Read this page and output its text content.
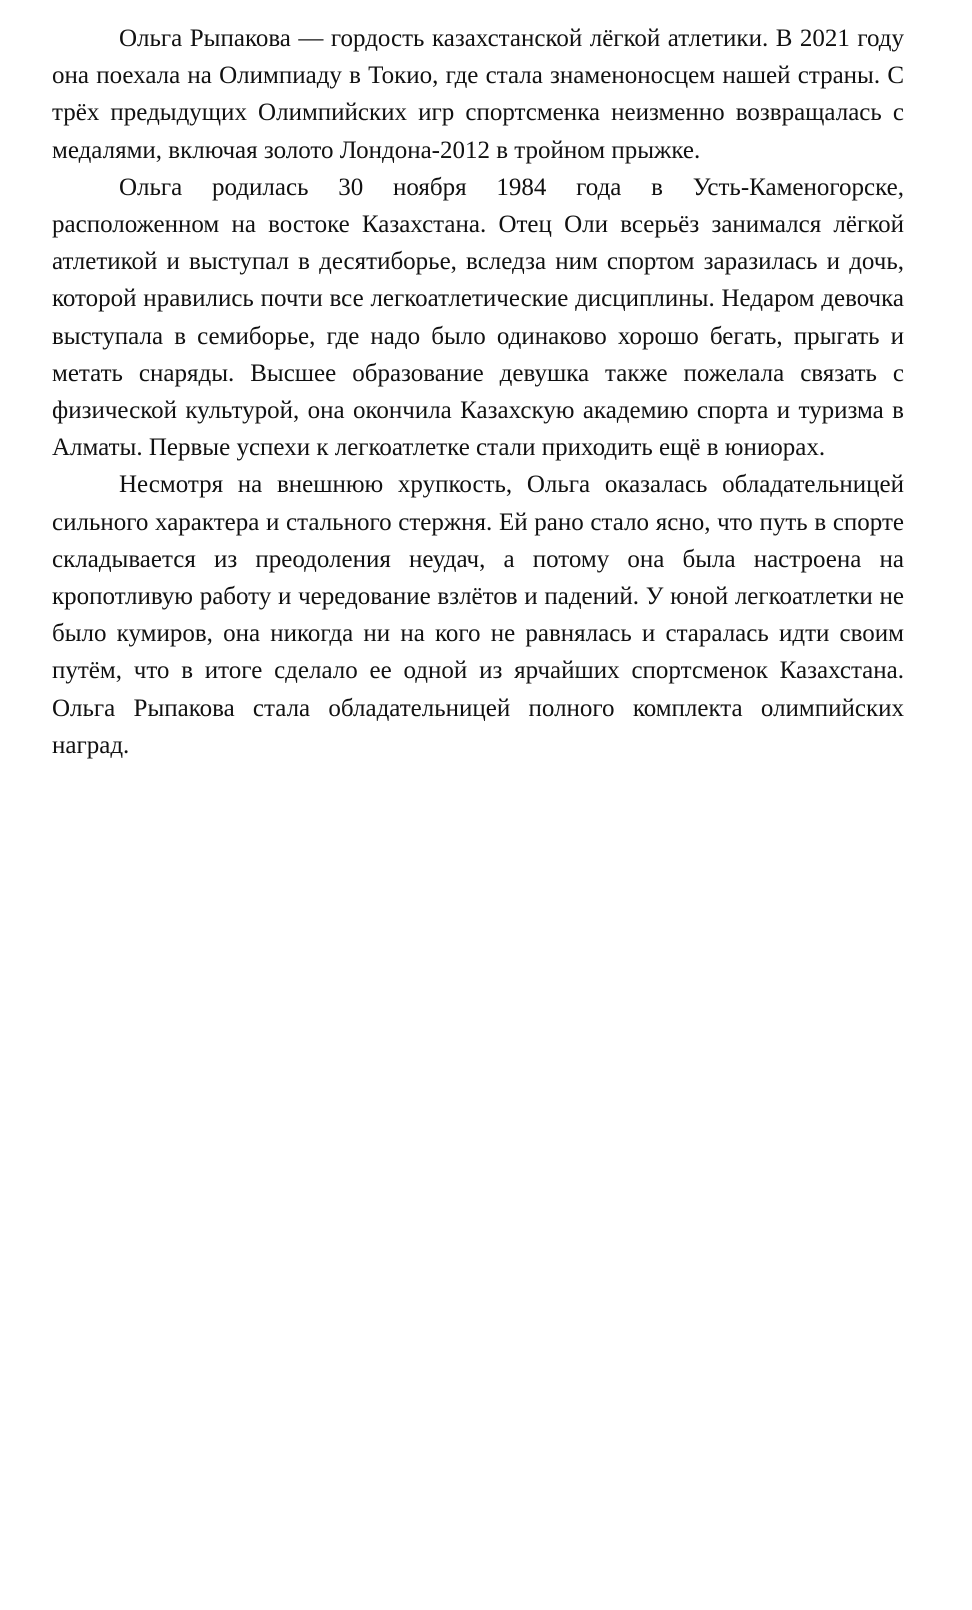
Ольга Рыпакова — гордость казахстанской лёгкой атлетики. В 2021 году она поехала на Олимпиаду в Токио, где стала знаменоносцем нашей страны. С трёх предыдущих Олимпийских игр спортсменка неизменно возвращалась с медалями, включая золото Лондона-2012 в тройном прыжке.

Ольга родилась 30 ноября 1984 года в Усть-Каменогорске, расположенном на востоке Казахстана. Отец Оли всерьёз занимался лёгкой атлетикой и выступал в десятиборье, вследза ним спортом заразилась и дочь, которой нравились почти все легкоатлетические дисциплины. Недаром девочка выступала в семиборье, где надо было одинаково хорошо бегать, прыгать и метать снаряды. Высшее образование девушка также пожелала связать с физической культурой, она окончила Казахскую академию спорта и туризма в Алматы. Первые успехи к легкоатлетке стали приходить ещё в юниорах.

Несмотря на внешнюю хрупкость, Ольга оказалась обладательницей сильного характера и стального стержня. Ей рано стало ясно, что путь в спорте складывается из преодоления неудач, а потому она была настроена на кропотливую работу и чередование взлётов и падений. У юной легкоатлетки не было кумиров, она никогда ни на кого не равнялась и старалась идти своим путём, что в итоге сделало ее одной из ярчайших спортсменок Казахстана. Ольга Рыпакова стала обладательницей полного комплекта олимпийских наград.
